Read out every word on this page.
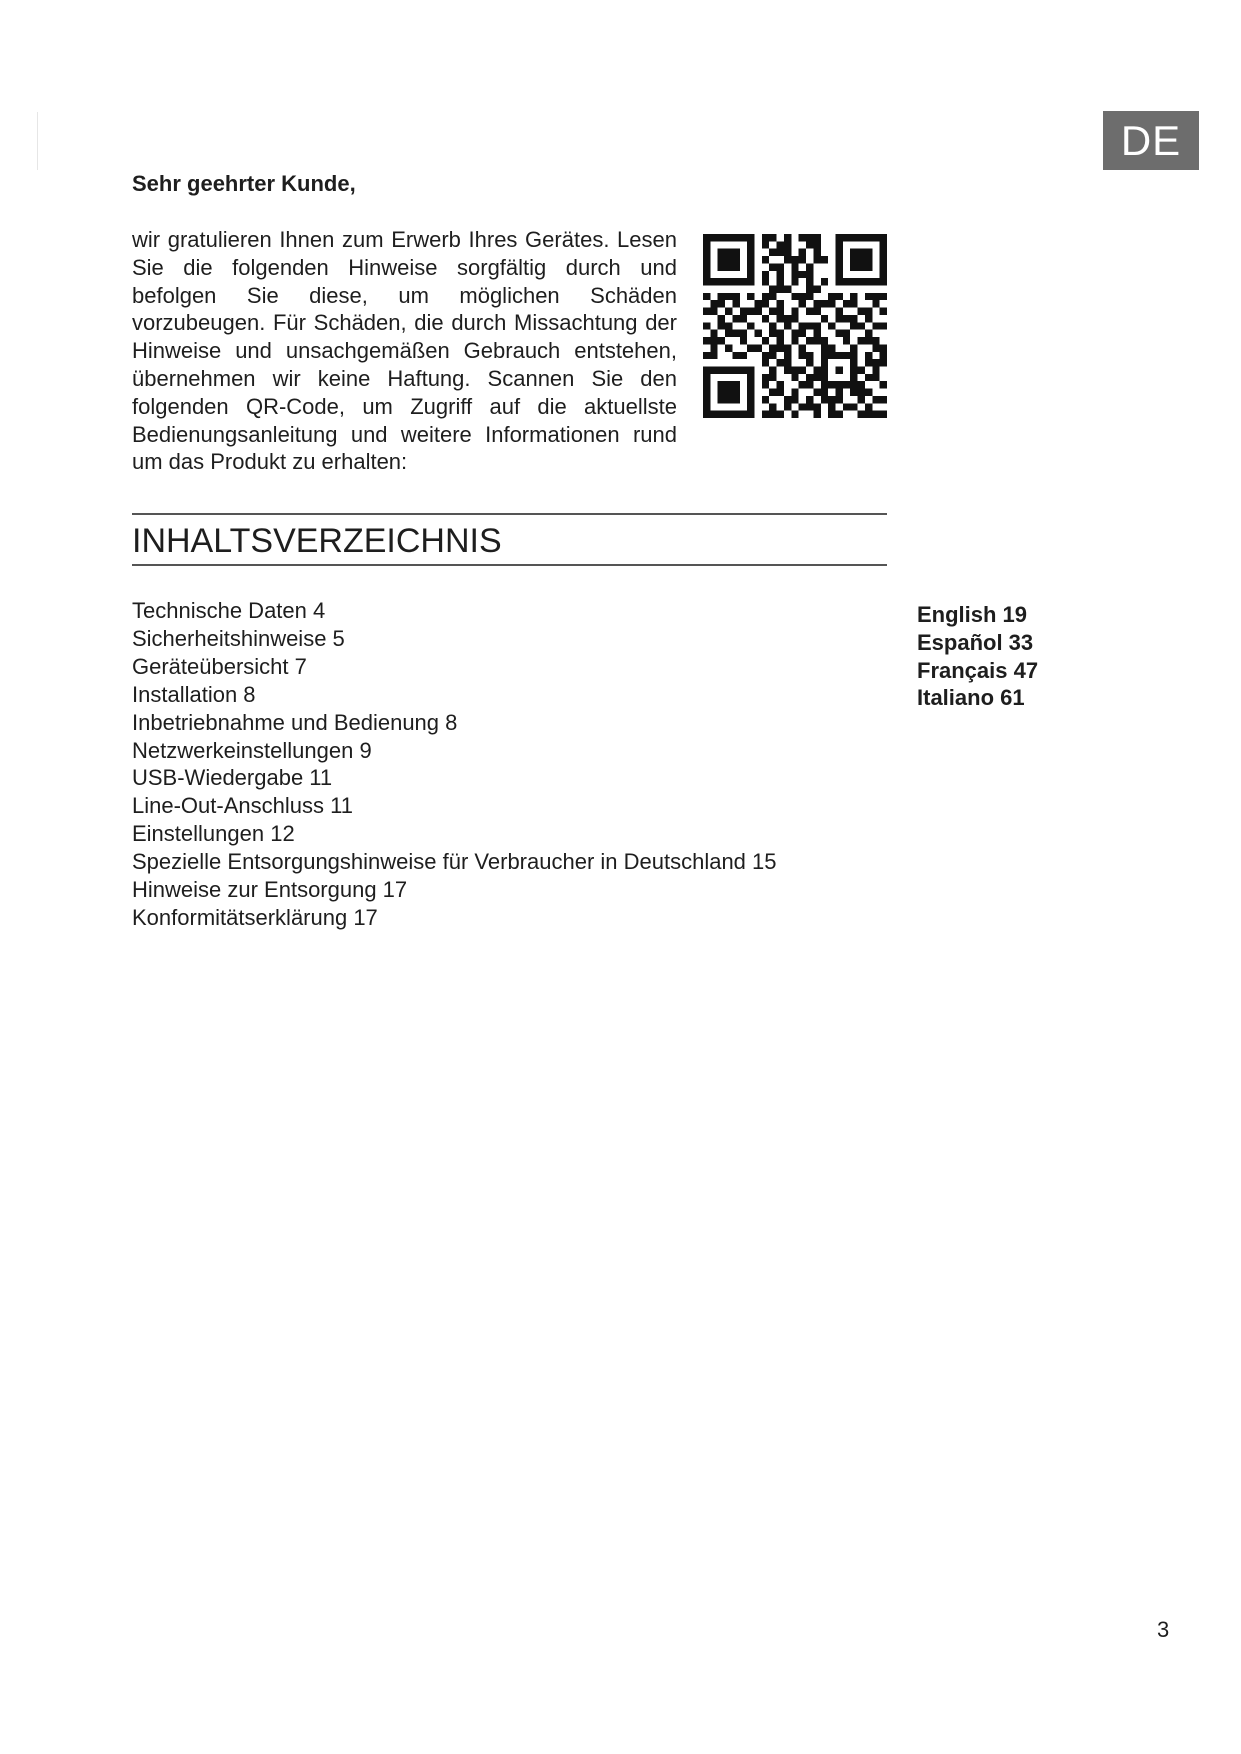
DE
Sehr geehrter Kunde,

wir gratulieren Ihnen zum Erwerb Ihres Gerätes. Lesen Sie die folgenden Hinweise sorgfältig durch und befolgen Sie diese, um möglichen Schäden vorzubeugen. Für Schäden, die durch Missachtung der Hinweise und unsachgemäßen Gebrauch entstehen, übernehmen wir keine Haftung. Scannen Sie den folgenden QR-Code, um Zugriff auf die aktuellste Bedienungsanleitung und weitere Informationen rund um das Produkt zu erhalten:

INHALTSVERZEICHNIS
Technische Daten 4
Sicherheitshinweise 5
Geräteübersicht 7
Installation 8
Inbetriebnahme und Bedienung 8
Netzwerkeinstellungen 9
USB-Wiedergabe 11
Line-Out-Anschluss 11
Einstellungen 12
Spezielle Entsorgungshinweise für Verbraucher in Deutschland 15
Hinweise zur Entsorgung 17
Konformitätserklärung 17
English 19
Español 33
Français 47
Italiano 61
3
